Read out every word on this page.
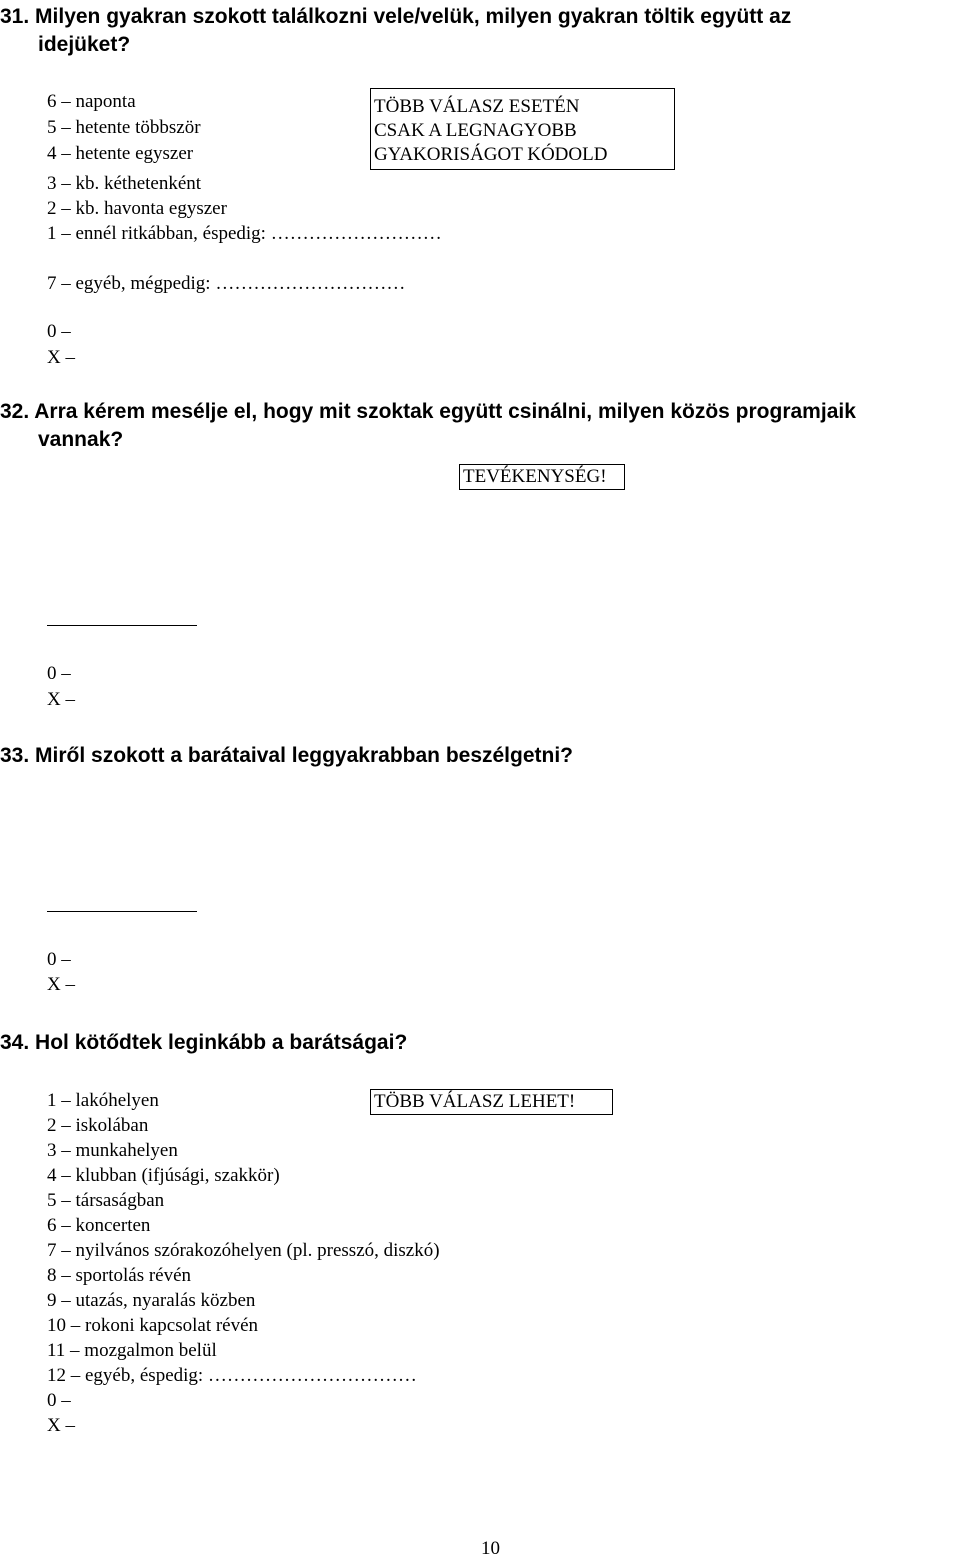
31. Milyen gyakran szokott találkozni vele/velük, milyen gyakran töltik együtt az
idejüket?
6 – naponta
5 – hetente többször
4 – hetente egyszer
3 – kb. kéthetenként
2 – kb. havonta egyszer
1 – ennél ritkábban, éspedig: ………………………
7 – egyéb, mégpedig: …………………………
0 –
X –
TÖBB VÁLASZ ESETÉN
CSAK A LEGNAGYOBB
GYAKORISÁGOT KÓDOLD
32. Arra kérem mesélje el, hogy mit szoktak együtt csinálni, milyen közös programjaik
vannak?
TEVÉKENYSÉG!
0 –
X –
33. Miről szokott a barátaival leggyakrabban beszélgetni?
0 –
X –
34. Hol kötődtek leginkább a barátságai?
TÖBB VÁLASZ LEHET!
1 – lakóhelyen
2 – iskolában
3 – munkahelyen
4 – klubban (ifjúsági, szakkör)
5 – társaságban
6 – koncerten
7 – nyilvános szórakozóhelyen (pl. presszó, diszkó)
8 – sportolás révén
9 – utazás, nyaralás közben
10 – rokoni kapcsolat révén
11 – mozgalmon belül
12 – egyéb, éspedig: ……………………………
0 –
X –
10
